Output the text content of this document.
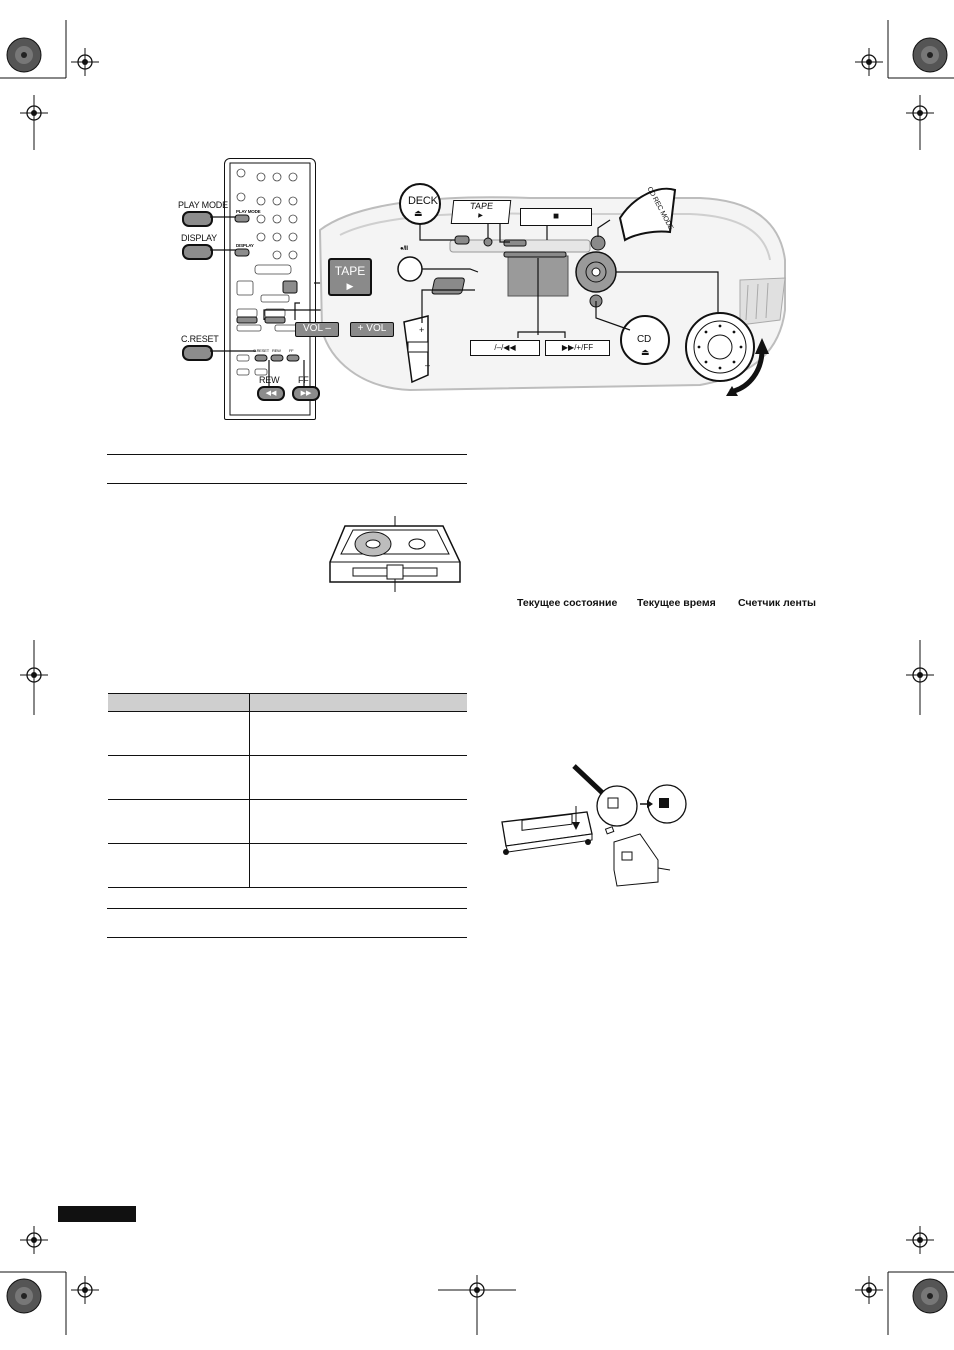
PLAY MODE
DISPLAY
C.RESET REW FF
PLAY MODE
DISPLAY
C.RESET
REW
◀◀
FF
▶▶
DECK
⏏
TAPE
▶	■	CD REC MODE
●/II
+
–
/–/◀◀	▶▶/+/FF
CD
⏏
TAPE
▶
VOL –	+ VOL

Текущее состояние Текущее время Счетчик ленты
